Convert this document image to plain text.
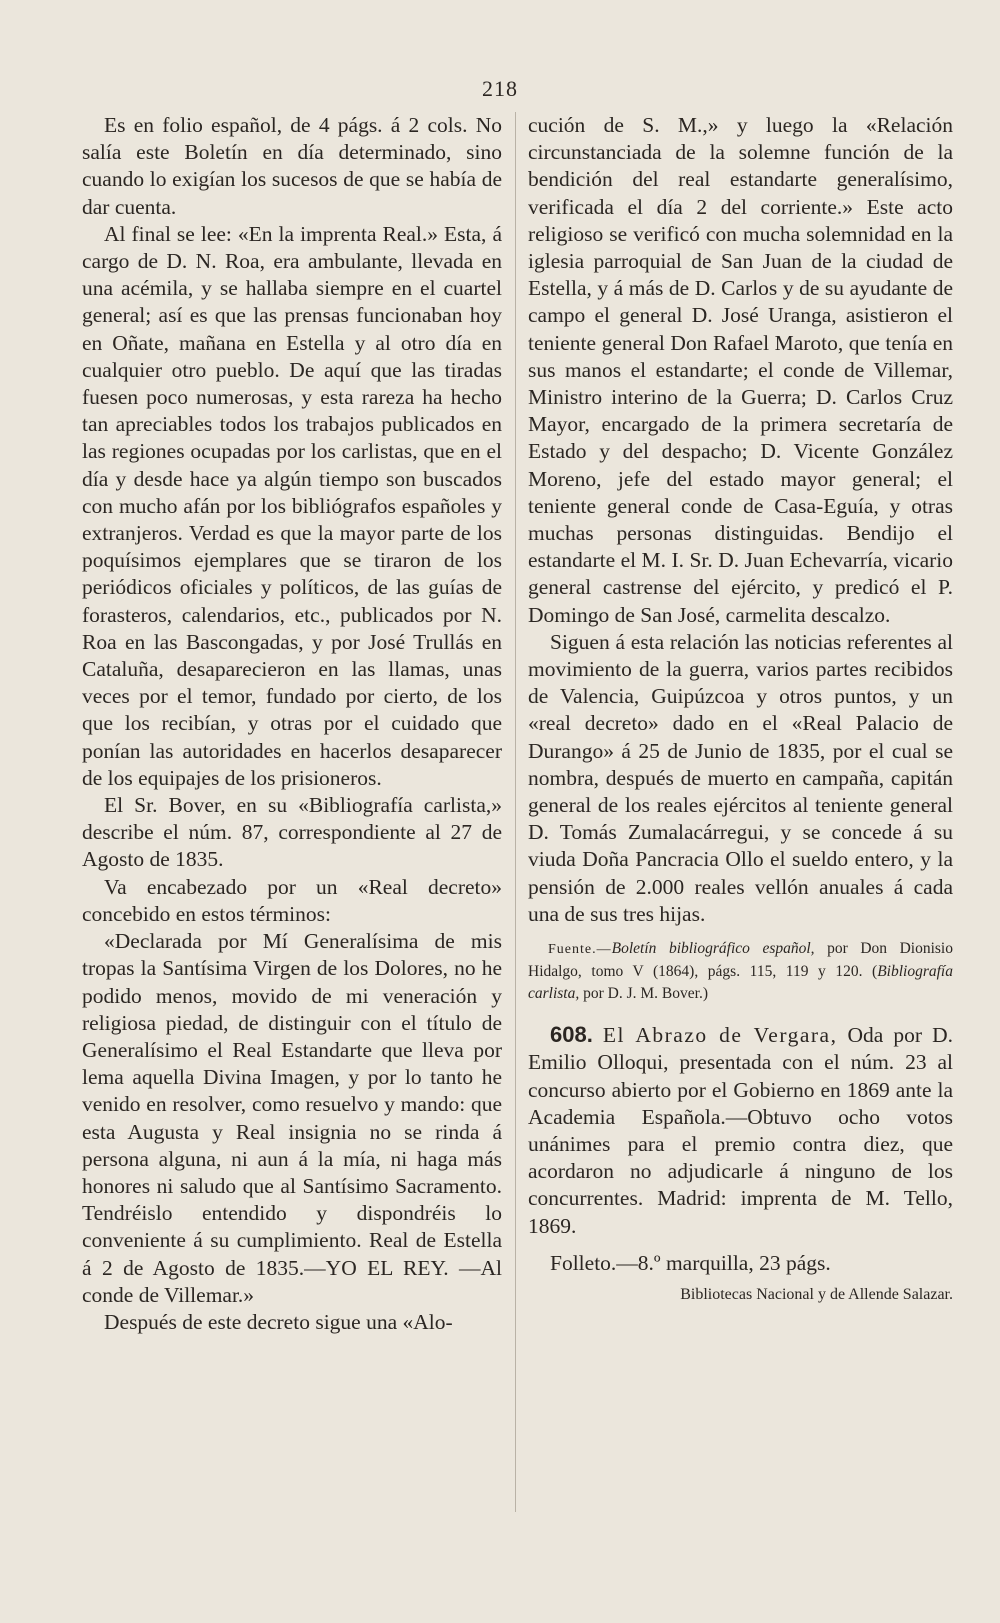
218

Es en folio español, de 4 págs. á 2 cols. No salía este Boletín en día determinado, sino cuando lo exigían los sucesos de que se había de dar cuenta.

Al final se lee: «En la imprenta Real.» Esta, á cargo de D. N. Roa, era ambulante, llevada en una acémila, y se hallaba siempre en el cuartel general; así es que las prensas funcionaban hoy en Oñate, mañana en Estella y al otro día en cualquier otro pueblo. De aquí que las tiradas fuesen poco numerosas, y esta rareza ha hecho tan apreciables todos los trabajos publicados en las regiones ocupadas por los carlistas, que en el día y desde hace ya algún tiempo son buscados con mucho afán por los bibliógrafos españoles y extranjeros. Verdad es que la mayor parte de los poquísimos ejemplares que se tiraron de los periódicos oficiales y políticos, de las guías de forasteros, calendarios, etc., publicados por N. Roa en las Bascongadas, y por José Trullás en Cataluña, desaparecieron en las llamas, unas veces por el temor, fundado por cierto, de los que los recibían, y otras por el cuidado que ponían las autoridades en hacerlos desaparecer de los equipajes de los prisioneros.

El Sr. Bover, en su «Bibliografía carlista,» describe el núm. 87, correspondiente al 27 de Agosto de 1835.

Va encabezado por un «Real decreto» concebido en estos términos:

«Declarada por Mí Generalísima de mis tropas la Santísima Virgen de los Dolores, no he podido menos, movido de mi veneración y religiosa piedad, de distinguir con el título de Generalísimo el Real Estandarte que lleva por lema aquella Divina Imagen, y por lo tanto he venido en resolver, como resuelvo y mando: que esta Augusta y Real insignia no se rinda á persona alguna, ni aun á la mía, ni haga más honores ni saludo que al Santísimo Sacramento. Tendréislo entendido y dispondréis lo conveniente á su cumplimiento. Real de Estella á 2 de Agosto de 1835.—YO EL REY. —Al conde de Villemar.»

Después de este decreto sigue una «Alo-

cución de S. M.,» y luego la «Relación circunstanciada de la solemne función de la bendición del real estandarte generalísimo, verificada el día 2 del corriente.» Este acto religioso se verificó con mucha solemnidad en la iglesia parroquial de San Juan de la ciudad de Estella, y á más de D. Carlos y de su ayudante de campo el general D. José Uranga, asistieron el teniente general Don Rafael Maroto, que tenía en sus manos el estandarte; el conde de Villemar, Ministro interino de la Guerra; D. Carlos Cruz Mayor, encargado de la primera secretaría de Estado y del despacho; D. Vicente González Moreno, jefe del estado mayor general; el teniente general conde de Casa-Eguía, y otras muchas personas distinguidas. Bendijo el estandarte el M. I. Sr. D. Juan Echevarría, vicario general castrense del ejército, y predicó el P. Domingo de San José, carmelita descalzo.

Siguen á esta relación las noticias referentes al movimiento de la guerra, varios partes recibidos de Valencia, Guipúzcoa y otros puntos, y un «real decreto» dado en el «Real Palacio de Durango» á 25 de Junio de 1835, por el cual se nombra, después de muerto en campaña, capitán general de los reales ejércitos al teniente general D. Tomás Zumalacárregui, y se concede á su viuda Doña Pancracia Ollo el sueldo entero, y la pensión de 2.000 reales vellón anuales á cada una de sus tres hijas.

Fuente.—Boletín bibliográfico español, por Don Dionisio Hidalgo, tomo V (1864), págs. 115, 119 y 120. (Bibliografía carlista, por D. J. M. Bover.)

608. El Abrazo de Vergara, Oda por D. Emilio Olloqui, presentada con el núm. 23 al concurso abierto por el Gobierno en 1869 ante la Academia Española.—Obtuvo ocho votos unánimes para el premio contra diez, que acordaron no adjudicarle á ninguno de los concurrentes. Madrid: imprenta de M. Tello, 1869.

Folleto.—8.º marquilla, 23 págs.

Bibliotecas Nacional y de Allende Salazar.
